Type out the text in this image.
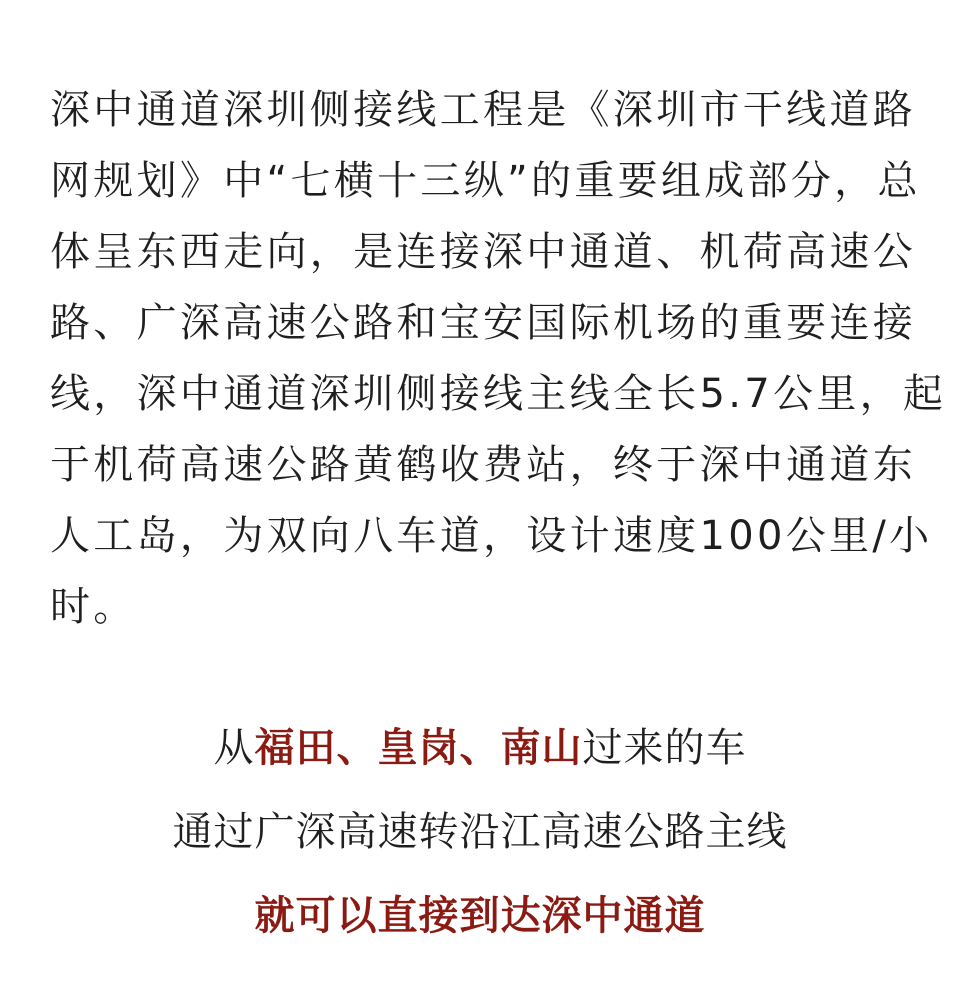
深中通道深圳侧接线工程是《深圳市干线道路
网规划》中“七横十三纵”的重要组成部分，总
体呈东西走向，是连接深中通道、机荷高速公
路、广深高速公路和宝安国际机场的重要连接
线，深中通道深圳侧接线主线全长5.7公里，起
于机荷高速公路黄鹤收费站，终于深中通道东
人工岛，为双向八车道，设计速度100公里/小
时。

从福田、皇岗、南山过来的车
通过广深高速转沿江高速公路主线
就可以直接到达深中通道
